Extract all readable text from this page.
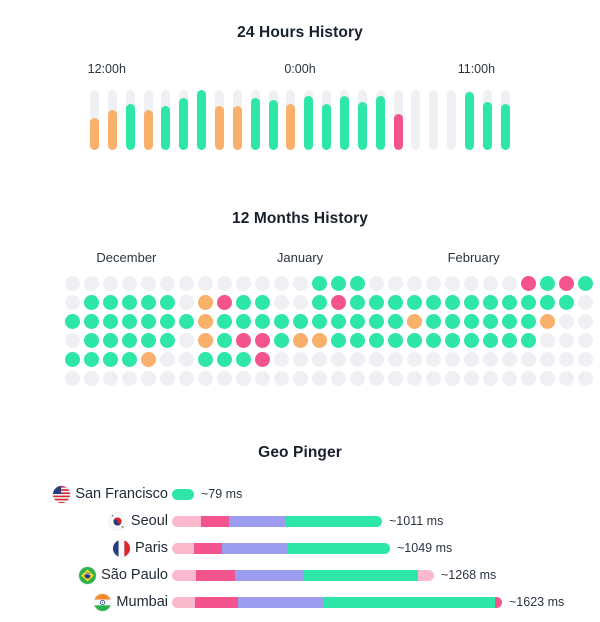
24 Hours History
12:00h	0:00h	11:00h
12 Months History
December	January	February
Geo Pinger
San Francisco	~79 ms
Seoul	~1011 ms
Paris	~1049 ms
São Paulo	~1268 ms
Mumbai	~1623 ms
